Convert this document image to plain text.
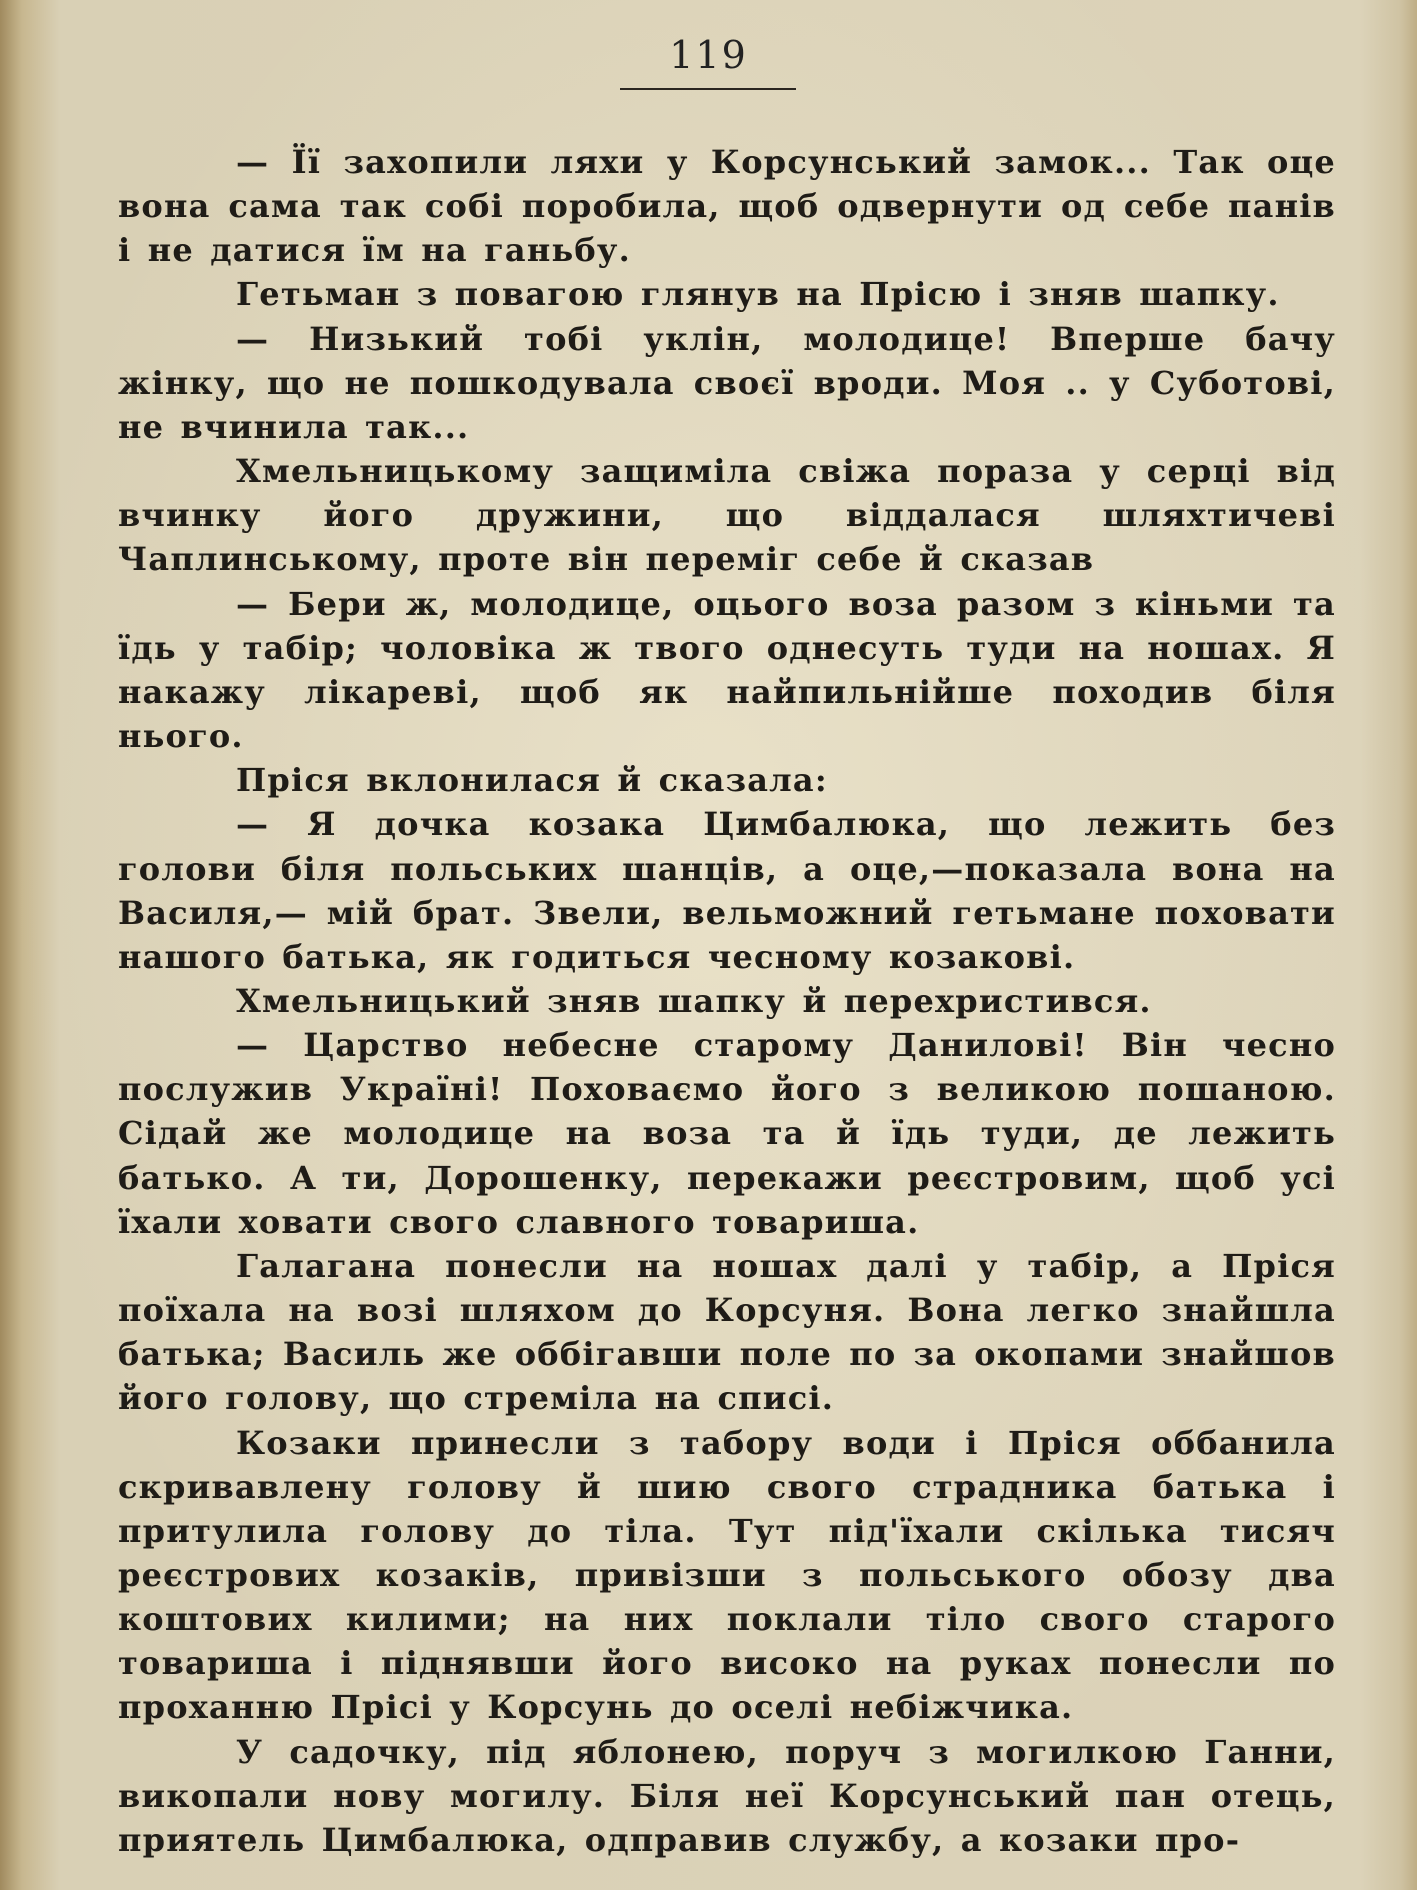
119

— Її захопили ляхи у Корсунський замок... Так оце вона сама так собі поробила, щоб одвернути од себе панів і не датися їм на ганьбу.

Гетьман з повагою глянув на Прісю і зняв шапку.

— Низький тобі уклін, молодице! Вперше бачу жінку, що не пошкодувала своєї вроди. Моя .. у Суботові, не вчинила так...

Хмельницькому защиміла свіжа пораза у серці від вчинку його дружини, що віддалася шляхтичеві Чаплинському, проте він переміг себе й сказав

— Бери ж, молодице, оцього воза разом з кіньми та їдь у табір; чоловіка ж твого однесуть туди на ношах. Я накажу лікареві, щоб як найпильнійше походив біля нього.

Пріся вклонилася й сказала:

— Я дочка козака Цимбалюка, що лежить без голови біля польських шанців, а оце,—показала вона на Василя,— мій брат. Звели, вельможний гетьмане поховати нашого батька, як годиться чесному козакові.

Хмельницький зняв шапку й перехристився.

— Царство небесне старому Данилові! Він чесно послужив Україні! Поховаємо його з великою пошаною. Сідай же молодице на воза та й їдь туди, де лежить батько. А ти, Дорошенку, перекажи реєстровим, щоб усі їхали ховати свого славного товариша.

Галагана понесли на ношах далі у табір, а Пріся поїхала на возі шляхом до Корсуня. Вона легко знайшла батька; Василь же оббігавши поле по за окопами знайшов його голову, що стреміла на списі.

Козаки принесли з табору води і Пріся оббанила скривавлену голову й шию свого страдника батька і притулила голову до тіла. Тут під'їхали скілька тисяч реєстрових козаків, привізши з польського обозу два коштових килими; на них поклали тіло свого старого товариша і піднявши його високо на руках понесли по проханню Прісі у Корсунь до оселі небіжчика.

У садочку, під яблонею, поруч з могилкою Ганни, викопали нову могилу. Біля неї Корсунський пан отець, приятель Цимбалюка, одправив службу, а козаки про-
